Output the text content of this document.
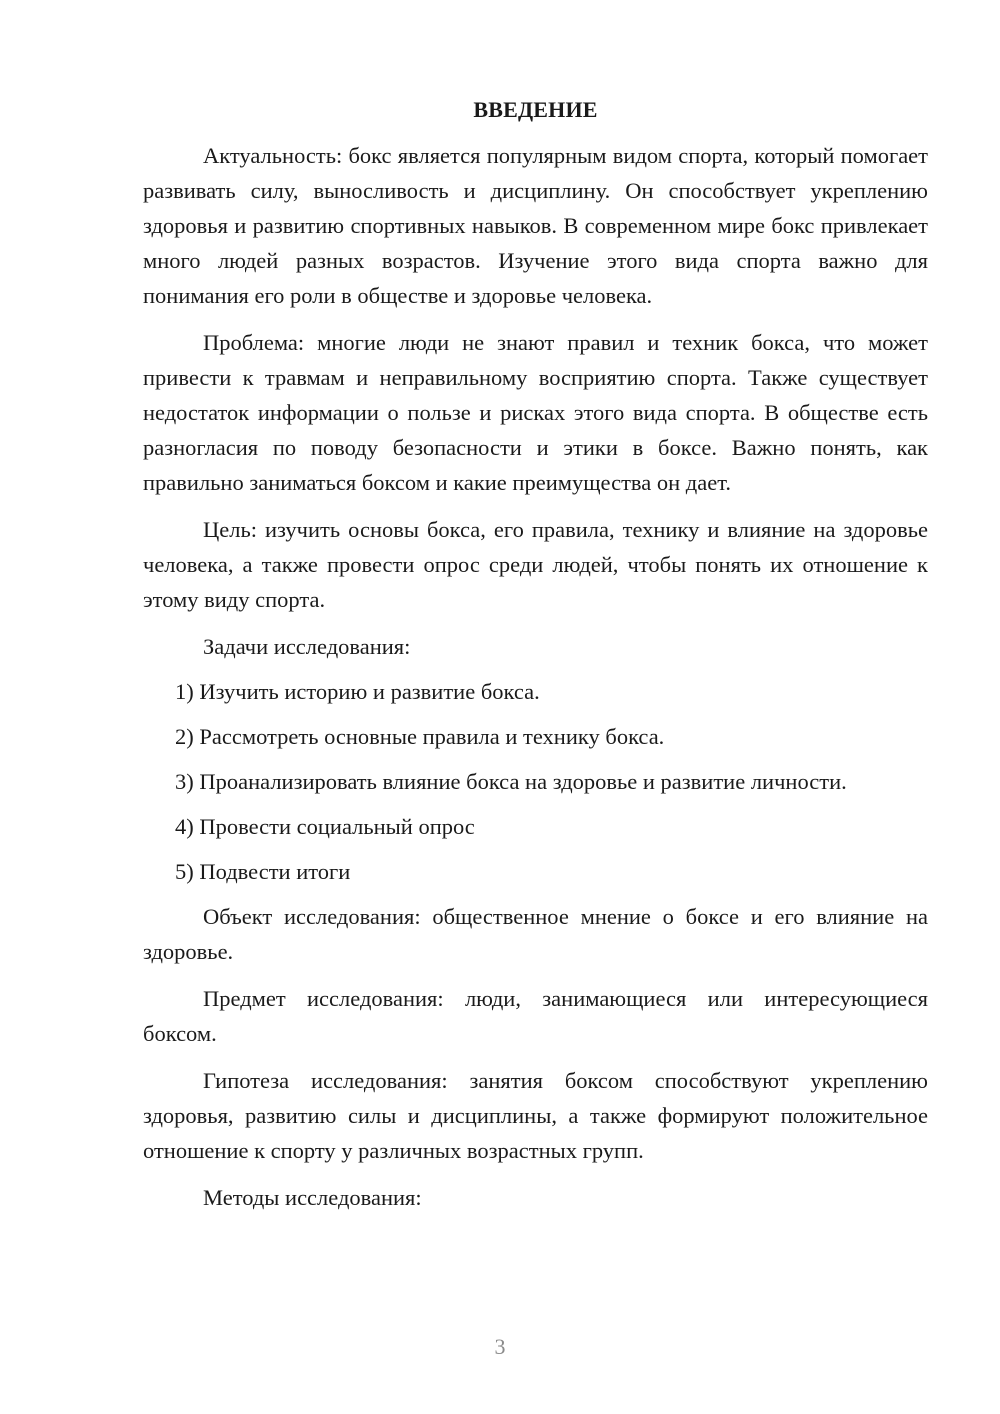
ВВЕДЕНИЕ

Актуальность: бокс является популярным видом спорта, который помогает развивать силу, выносливость и дисциплину. Он способствует укреплению здоровья и развитию спортивных навыков. В современном мире бокс привлекает много людей разных возрастов. Изучение этого вида спорта важно для понимания его роли в обществе и здоровье человека.

Проблема: многие люди не знают правил и техник бокса, что может привести к травмам и неправильному восприятию спорта. Также существует недостаток информации о пользе и рисках этого вида спорта. В обществе есть разногласия по поводу безопасности и этики в боксе. Важно понять, как правильно заниматься боксом и какие преимущества он дает.

Цель: изучить основы бокса, его правила, технику и влияние на здоровье человека, а также провести опрос среди людей, чтобы понять их отношение к этому виду спорта.

Задачи исследования:

1) Изучить историю и развитие бокса.

2) Рассмотреть основные правила и технику бокса.

3) Проанализировать влияние бокса на здоровье и развитие личности.

4) Провести социальный опрос

5) Подвести итоги

Объект исследования: общественное мнение о боксе и его влияние на здоровье.

Предмет исследования: люди, занимающиеся или интересующиеся боксом.

Гипотеза исследования: занятия боксом способствуют укреплению здоровья, развитию силы и дисциплины, а также формируют положительное отношение к спорту у различных возрастных групп.

Методы исследования:

3
